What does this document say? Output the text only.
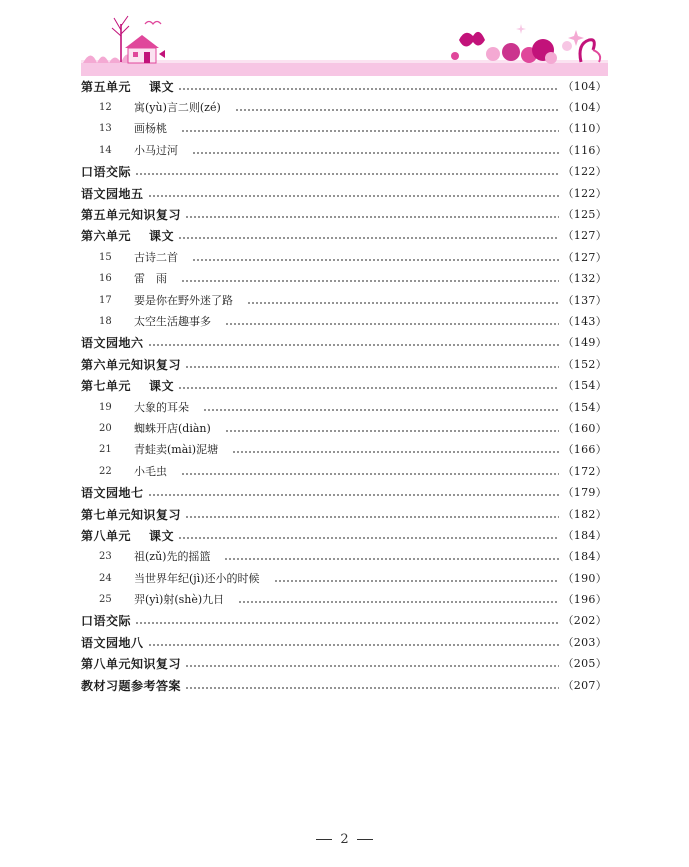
第五单元 课文	（104）
12	寓(yù)言二则(zé)	（104）
13	画杨桃	（110）
14	小马过河	（116）
口语交际	（122）
语文园地五	（122）
第五单元知识复习	（125）
第六单元 课文	（127）
15	古诗二首	（127）
16	雷　雨	（132）
17	要是你在野外迷了路	（137）
18	太空生活趣事多	（143）
语文园地六	（149）
第六单元知识复习	（152）
第七单元 课文	（154）
19	大象的耳朵	（154）
20	蜘蛛开店(diàn)	（160）
21	青蛙卖(mài)泥塘	（166）
22	小毛虫	（172）
语文园地七	（179）
第七单元知识复习	（182）
第八单元 课文	（184）
23	祖(zǔ)先的摇篮	（184）
24	当世界年纪(jì)还小的时候	（190）
25	羿(yì)射(shè)九日	（196）
口语交际	（202）
语文园地八	（203）
第八单元知识复习	（205）
教材习题参考答案	（207）
2
